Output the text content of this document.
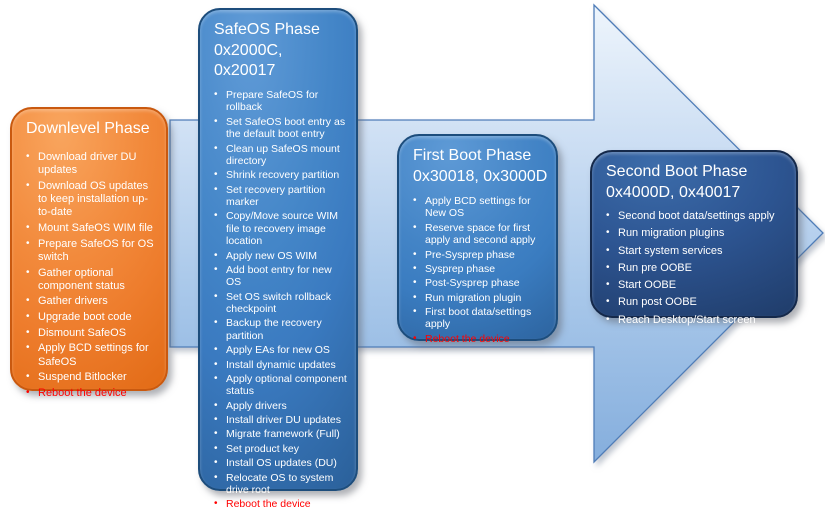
Downlevel Phase
• Download driver DU updates
• Download OS updates to keep installation up-to-date
• Mount SafeOS WIM file
• Prepare SafeOS for OS switch
• Gather optional component status
• Gather drivers
• Upgrade boot code
• Dismount SafeOS
• Apply BCD settings for SafeOS
• Suspend Bitlocker
• Reboot the device
SafeOS Phase
0x2000C, 0x20017
• Prepare SafeOS for rollback
• Set SafeOS boot entry as the default boot entry
• Clean up SafeOS mount directory
• Shrink recovery partition
• Set recovery partition marker
• Copy/Move source WIM file to recovery image location
• Apply new OS WIM
• Add boot entry for new OS
• Set OS switch rollback checkpoint
• Backup the recovery partition
• Apply EAs for new OS
• Install dynamic updates
• Apply optional component status
• Apply drivers
• Install driver DU updates
• Migrate framework (Full)
• Set product key
• Install OS updates (DU)
• Relocate OS to system drive root
• Reboot the device
First Boot Phase
0x30018, 0x3000D
• Apply BCD settings for New OS
• Reserve space for first apply and second apply
• Pre-Sysprep phase
• Sysprep phase
• Post-Sysprep phase
• Run migration plugin
• First boot data/settings apply
• Reboot the device
Second Boot Phase
0x4000D, 0x40017
• Second boot data/settings apply
• Run migration plugins
• Start system services
• Run pre OOBE
• Start OOBE
• Run post OOBE
• Reach Desktop/Start screen
